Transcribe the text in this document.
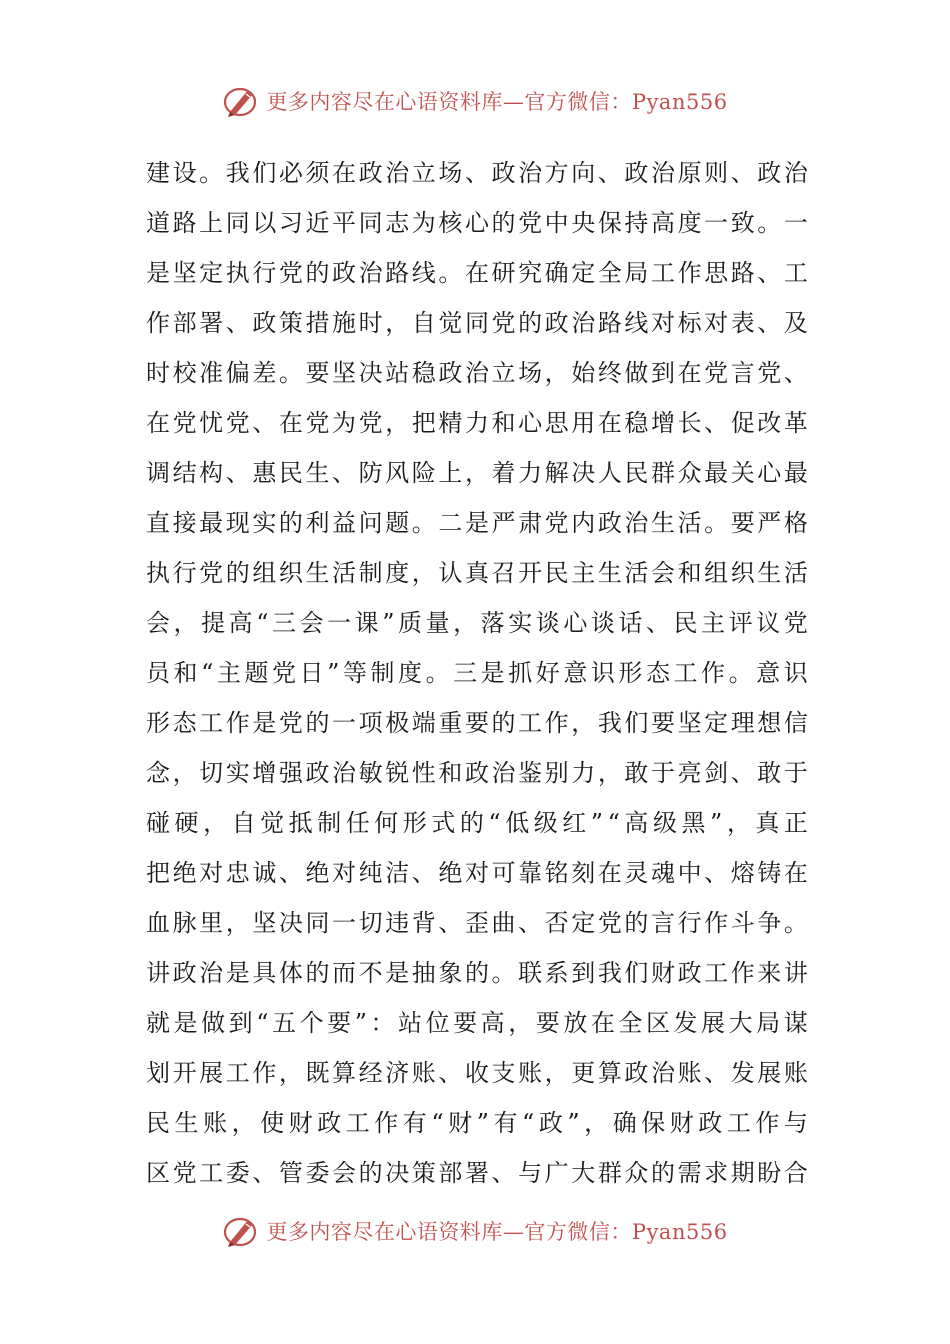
更多内容尽在心语资料库—官方微信：Pyan556
建 设 。 我 们 必 须 在 政 治 立 场 、 政 治 方 向 、 政 治 原 则 、 政 治
道 路 上 同 以 习 近 平 同 志 为 核 心 的 党 中 央 保 持 高 度 一 致 。 一
是 坚 定 执 行 党 的 政 治 路 线 。 在 研 究 确 定 全 局 工 作 思 路 、 工
作 部 署 、 政 策 措 施 时 ， 自 觉 同 党 的 政 治 路 线 对 标 对 表 、 及
时 校 准 偏 差 。 要 坚 决 站 稳 政 治 立 场 ， 始 终 做 到 在 党 言 党 、
在 党 忧 党 、 在 党 为 党 ， 把 精 力 和 心 思 用 在 稳 增 长 、 促 改 革
调 结 构 、 惠 民 生 、 防 风 险 上 ， 着 力 解 决 人 民 群 众 最 关 心 最
直 接 最 现 实 的 利 益 问 题 。 二 是 严 肃 党 内 政 治 生 活 。 要 严 格
执 行 党 的 组 织 生 活 制 度 ， 认 真 召 开 民 主 生 活 会 和 组 织 生 活
会 ， 提 高 “ 三 会 一 课 ” 质 量 ， 落 实 谈 心 谈 话 、 民 主 评 议 党
员 和 “ 主 题 党 日 ” 等 制 度 。 三 是 抓 好 意 识 形 态 工 作 。 意 识
形 态 工 作 是 党 的 一 项 极 端 重 要 的 工 作 ， 我 们 要 坚 定 理 想 信
念 ， 切 实 增 强 政 治 敏 锐 性 和 政 治 鉴 别 力 ， 敢 于 亮 剑 、 敢 于
碰 硬 ， 自 觉 抵 制 任 何 形 式 的 “ 低 级 红 ” “ 高 级 黑 ” ， 真 正
把 绝 对 忠 诚 、 绝 对 纯 洁 、 绝 对 可 靠 铭 刻 在 灵 魂 中 、 熔 铸 在
血 脉 里 ， 坚 决 同 一 切 违 背 、 歪 曲 、 否 定 党 的 言 行 作 斗 争 。
讲 政 治 是 具 体 的 而 不 是 抽 象 的 。 联 系 到 我 们 财 政 工 作 来 讲
就 是 做 到 “ 五 个 要 ” ： 站 位 要 高 ， 要 放 在 全 区 发 展 大 局 谋
划 开 展 工 作 ， 既 算 经 济 账 、 收 支 账 ， 更 算 政 治 账 、 发 展 账
民 生 账 ， 使 财 政 工 作 有 “ 财 ” 有 “ 政 ” ， 确 保 财 政 工 作 与
区 党 工 委 、 管 委 会 的 决 策 部 署 、 与 广 大 群 众 的 需 求 期 盼 合
更多内容尽在心语资料库—官方微信：Pyan556
